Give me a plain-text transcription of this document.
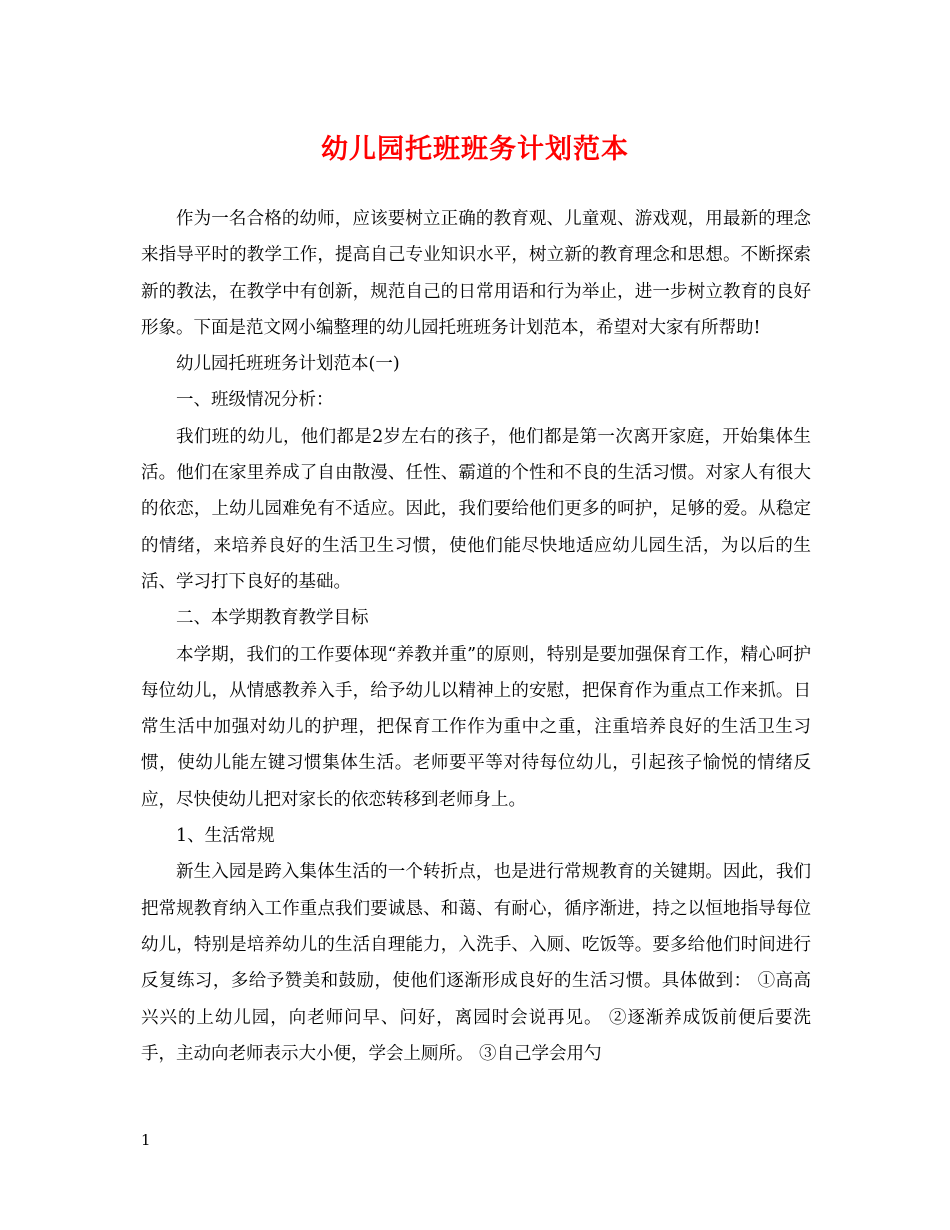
幼儿园托班班务计划范本

作为一名合格的幼师，应该要树立正确的教育观、儿童观、游戏观，用最新的理念来指导平时的教学工作，提高自己专业知识水平，树立新的教育理念和思想。不断探索新的教法，在教学中有创新，规范自己的日常用语和行为举止，进一步树立教育的良好形象。下面是范文网小编整理的幼儿园托班班务计划范本，希望对大家有所帮助!

幼儿园托班班务计划范本(一)

一、班级情况分析：

我们班的幼儿，他们都是2岁左右的孩子，他们都是第一次离开家庭，开始集体生活。他们在家里养成了自由散漫、任性、霸道的个性和不良的生活习惯。对家人有很大的依恋，上幼儿园难免有不适应。因此，我们要给他们更多的呵护，足够的爱。从稳定的情绪，来培养良好的生活卫生习惯，使他们能尽快地适应幼儿园生活，为以后的生活、学习打下良好的基础。

二、本学期教育教学目标

本学期，我们的工作要体现“养教并重”的原则，特别是要加强保育工作，精心呵护每位幼儿，从情感教养入手，给予幼儿以精神上的安慰，把保育作为重点工作来抓。日常生活中加强对幼儿的护理，把保育工作作为重中之重，注重培养良好的生活卫生习惯，使幼儿能左键习惯集体生活。老师要平等对待每位幼儿，引起孩子愉悦的情绪反应，尽快使幼儿把对家长的依恋转移到老师身上。

1、生活常规

新生入园是跨入集体生活的一个转折点，也是进行常规教育的关键期。因此，我们把常规教育纳入工作重点我们要诚恳、和蔼、有耐心，循序渐进，持之以恒地指导每位幼儿，特别是培养幼儿的生活自理能力，入洗手、入厕、吃饭等。要多给他们时间进行反复练习，多给予赞美和鼓励，使他们逐渐形成良好的生活习惯。具体做到： ①高高兴兴的上幼儿园，向老师问早、问好，离园时会说再见。 ②逐渐养成饭前便后要洗手，主动向老师表示大小便，学会上厕所。 ③自己学会用勺

1
